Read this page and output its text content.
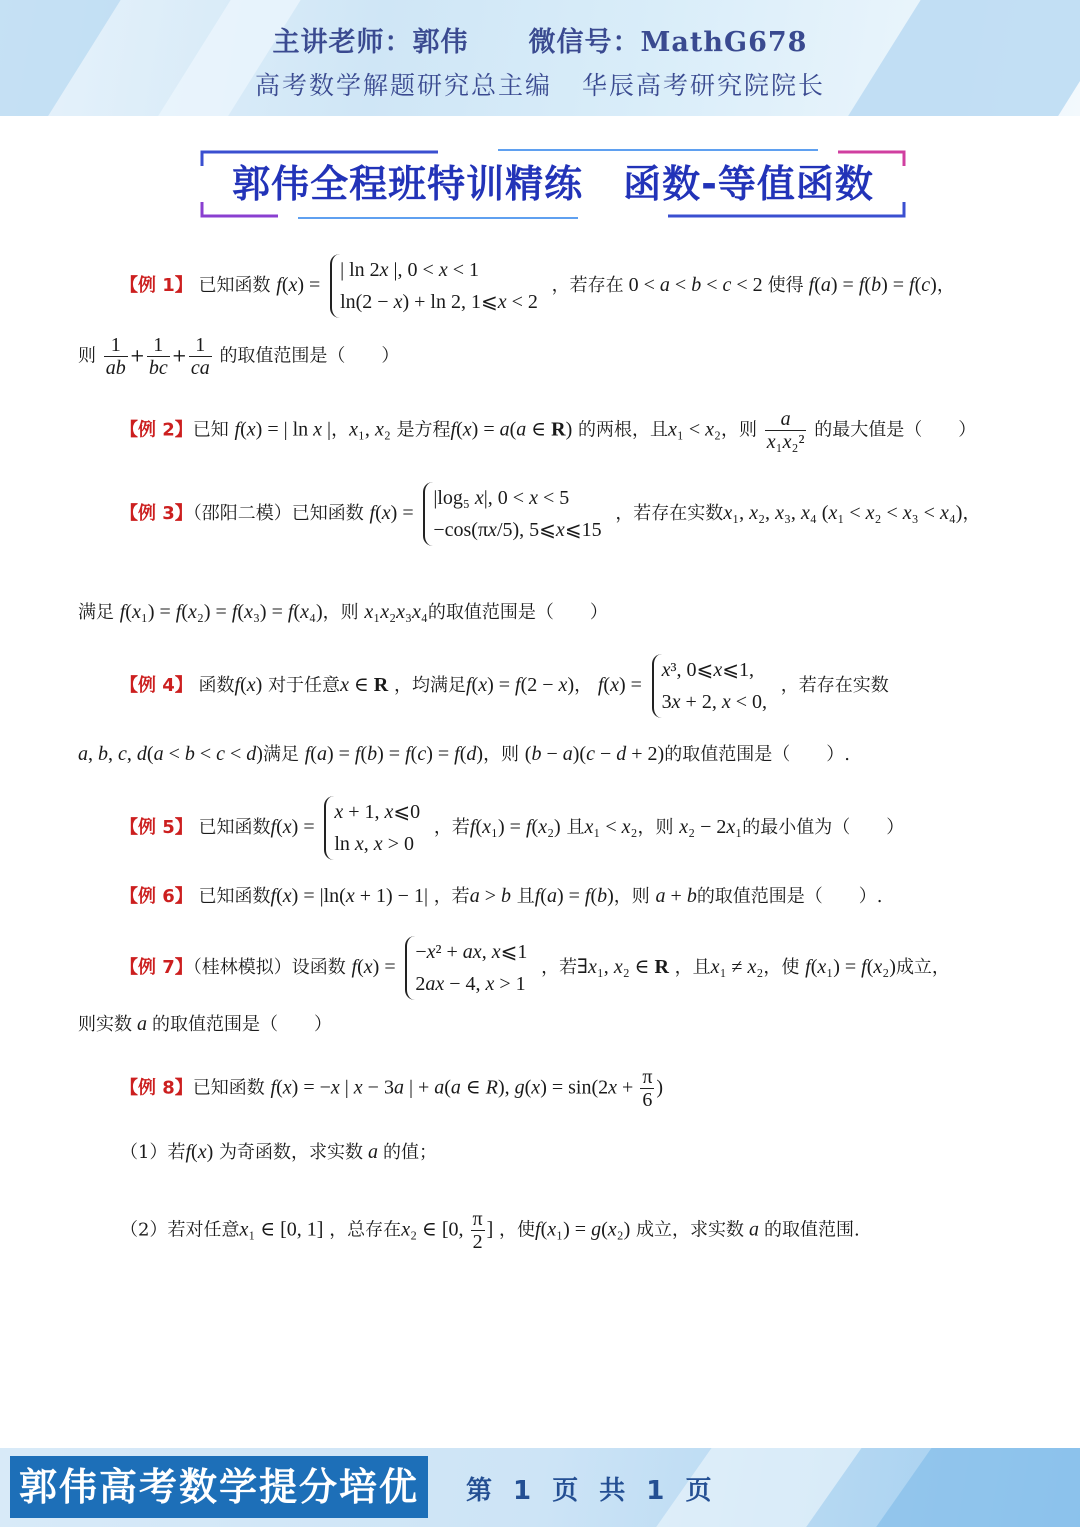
主讲老师：郭伟 微信号：MathG678
高考数学解题研究总主编 华辰高考研究院院长
郭伟全程班特训精练 函数-等值函数
【例 1】 已知函数 f(x) =
| ln 2x |, 0 < x < 1
ln(2 − x) + ln 2, 1⩽x < 2
，若存在 0 < a < b < c < 2 使得 f(a) = f(b) = f(c)，
则 $\frac{1}{ab} + \frac{1}{bc} + \frac{1}{ca}$ 的取值范围是（　　）
【例 2】已知 f(x) = | ln x |，x₁, x₂ 是方程f(x) = a(a ∈ R) 的两根，且x₁ < x₂，则 $\frac{a}{\text{x₁x₂²}}$ 的最大值是（　　）
【例 3】（邵阳二模）已知函数 f(x) =
|log₅ x|, 0 < x < 5
−cos(πx/5), 5⩽x⩽15
，若存在实数x₁, x₂, x₃, x₄ (x₁ < x₂ < x₃ < x₄)，
满足 f(x₁) = f(x₂) = f(x₃) = f(x₄)，则 x₁x₂x₃x₄的取值范围是（　　）
【例 4】 函数f(x) 对于任意x ∈ R ，均满足f(x) = f(2 − x)， f(x) =
x³, 0⩽x⩽1,
3x + 2, x < 0,
，若存在实数
a, b, c, d(a < b < c < d)满足 f(a) = f(b) = f(c) = f(d)，则 (b − a)(c − d + 2)的取值范围是（　　）.
【例 5】 已知函数f(x) =
x + 1, x⩽0
ln x, x > 0
，若f(x₁) = f(x₂) 且x₁ < x₂，则 x₂ − 2x₁的最小值为（　　）
【例 6】 已知函数f(x) = |ln(x + 1) − 1| ，若a > b 且f(a) = f(b)，则 a + b的取值范围是（　　）.
【例 7】（桂林模拟）设函数 f(x) =
−x² + ax, x⩽1
2ax − 4, x > 1
，若∃x₁, x₂ ∈ R ，且x₁ ≠ x₂，使 f(x₁) = f(x₂)成立，
则实数 a 的取值范围是（　　）
【例 8】已知函数 f(x) = −x | x − 3a | + a(a ∈ R), $g(x) = \sin(2x + \frac{\pi}{6}$ )
（1）若f(x) 为奇函数，求实数 a 的值；
（2）若对任意x₁ ∈ [0, 1] ，总存在x₂ ∈ [0, $\frac{\pi}{2}$ ] ，使f(x₁) = g(x₂) 成立，求实数 a 的取值范围.
郭伟高考数学提分培优	第 1 页 共 1 页
